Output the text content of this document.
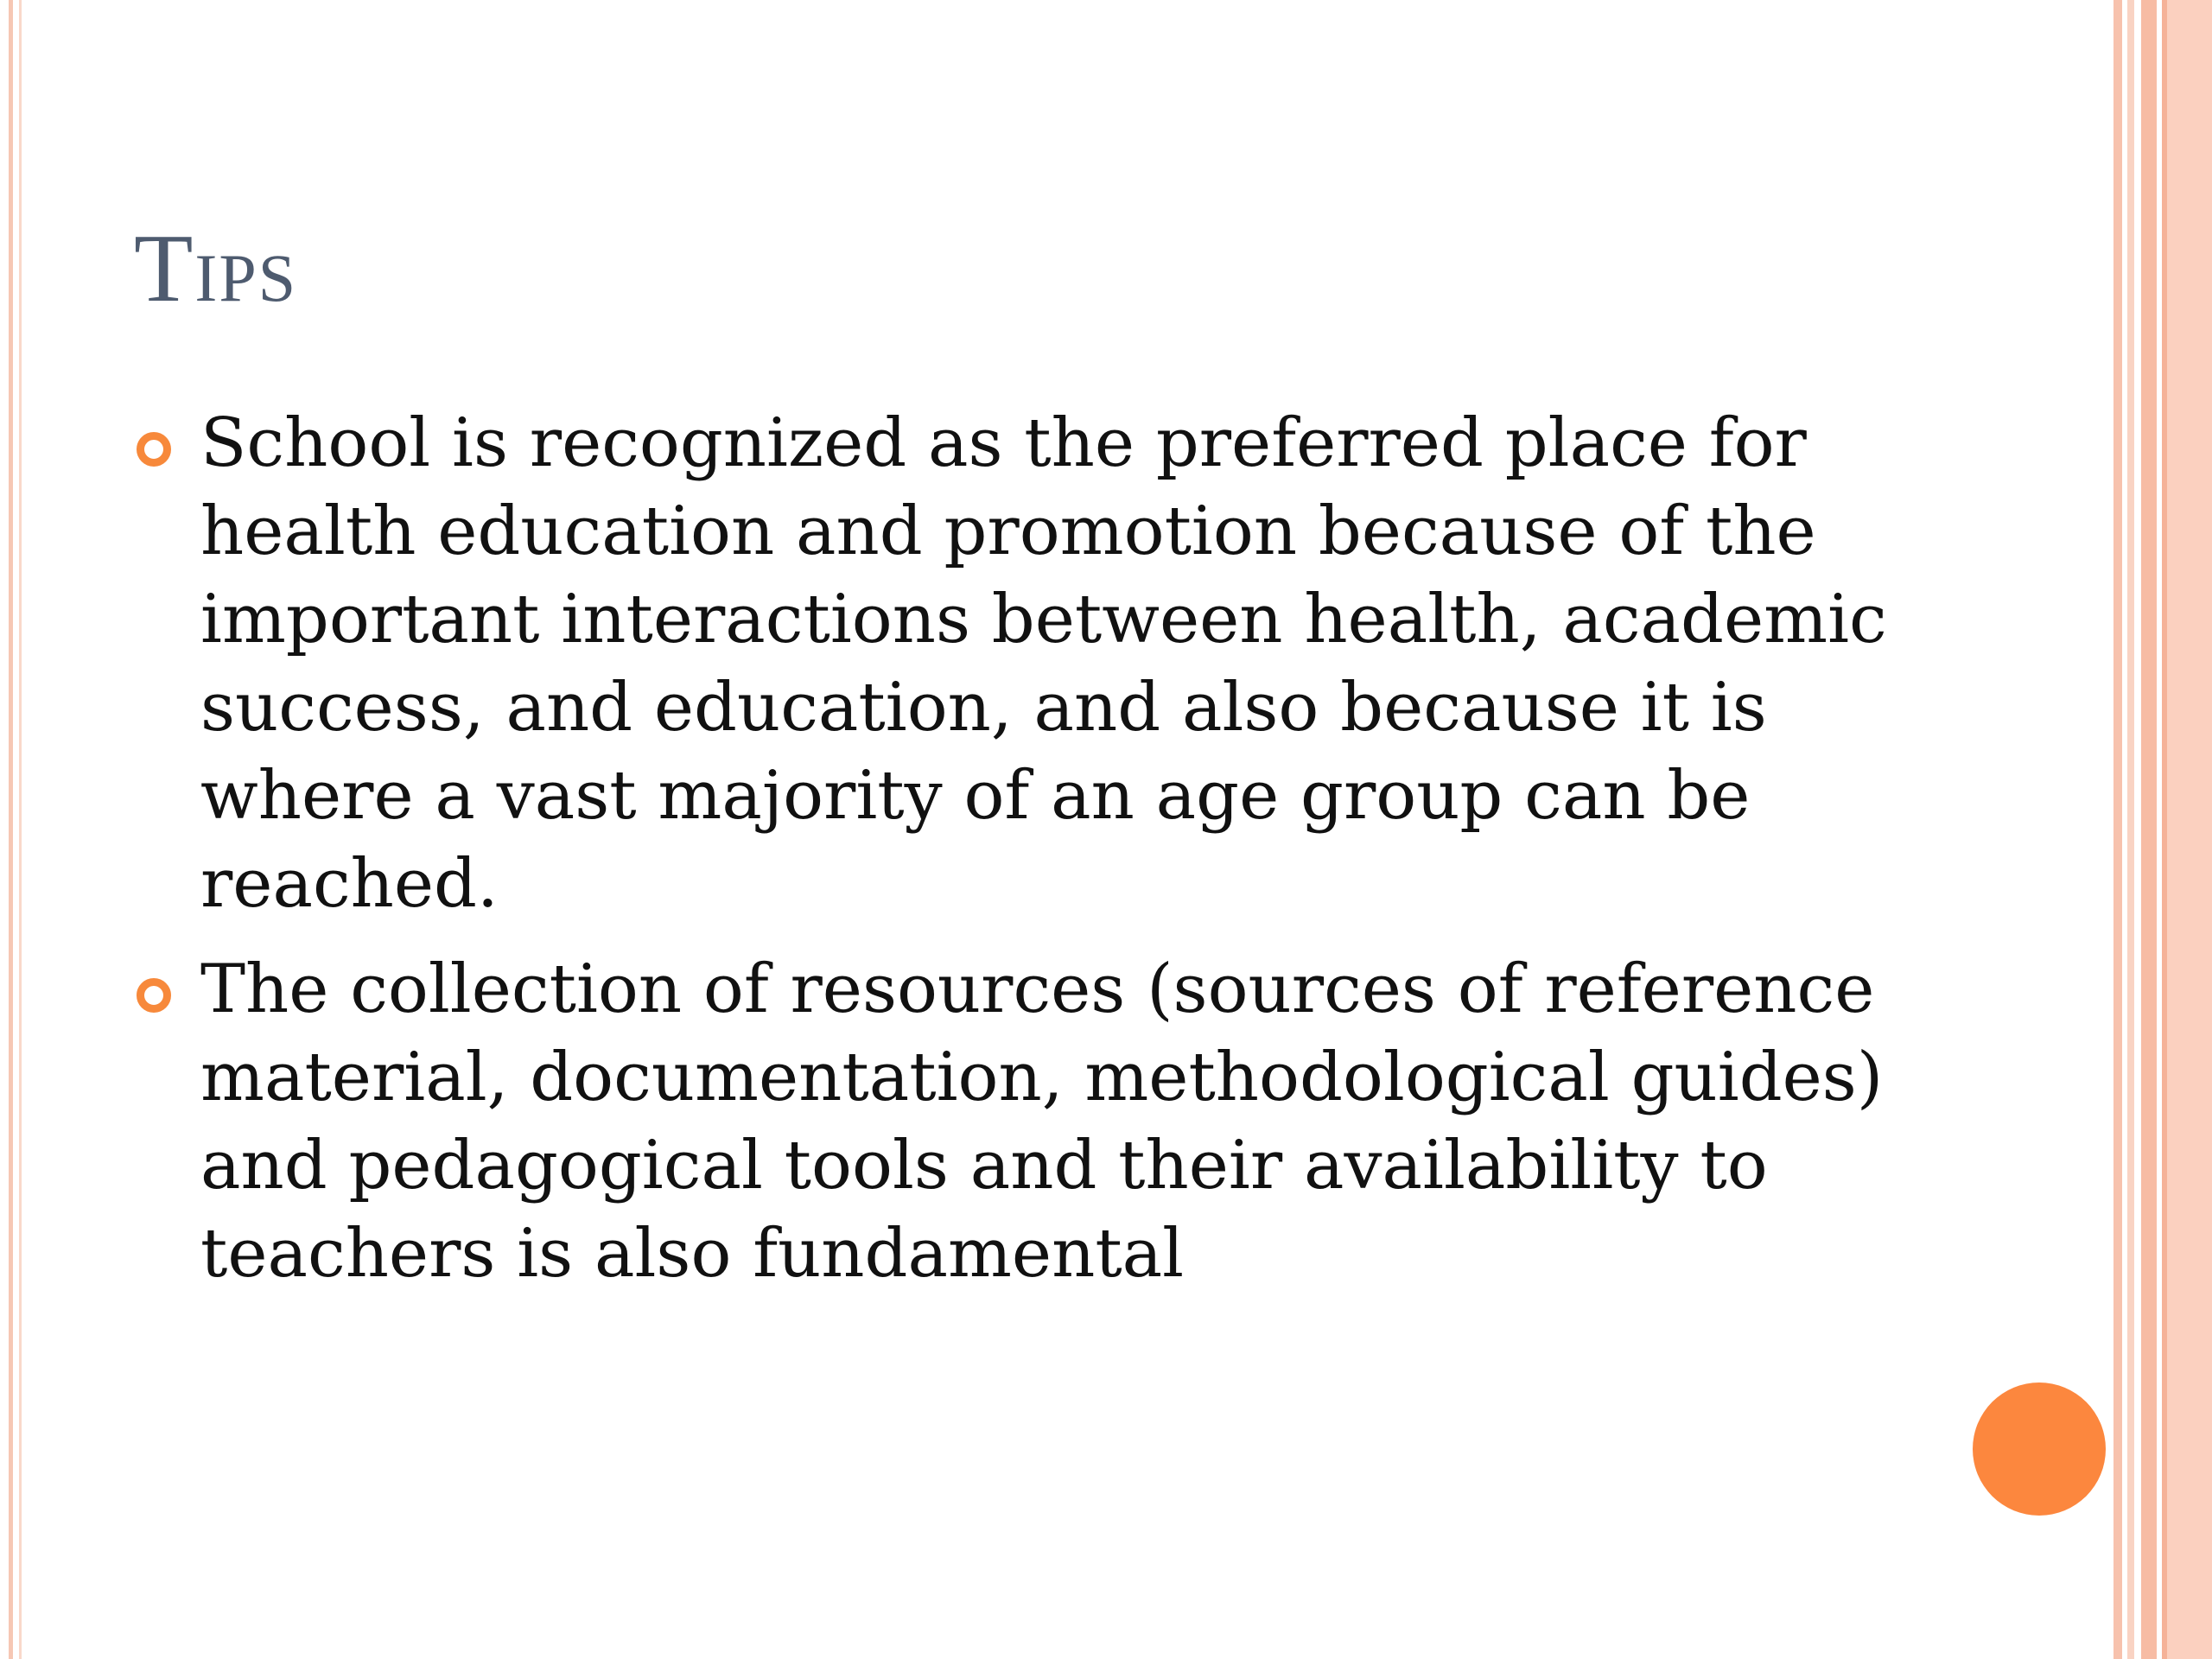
Tips
School is recognized as the preferred place for health education and promotion because of the important interactions between health, academic success, and education, and also because it is where a vast majority of an age group can be reached.
The collection of resources (sources of reference material, documentation, methodological guides) and pedagogical tools and their availability to teachers is also fundamental
